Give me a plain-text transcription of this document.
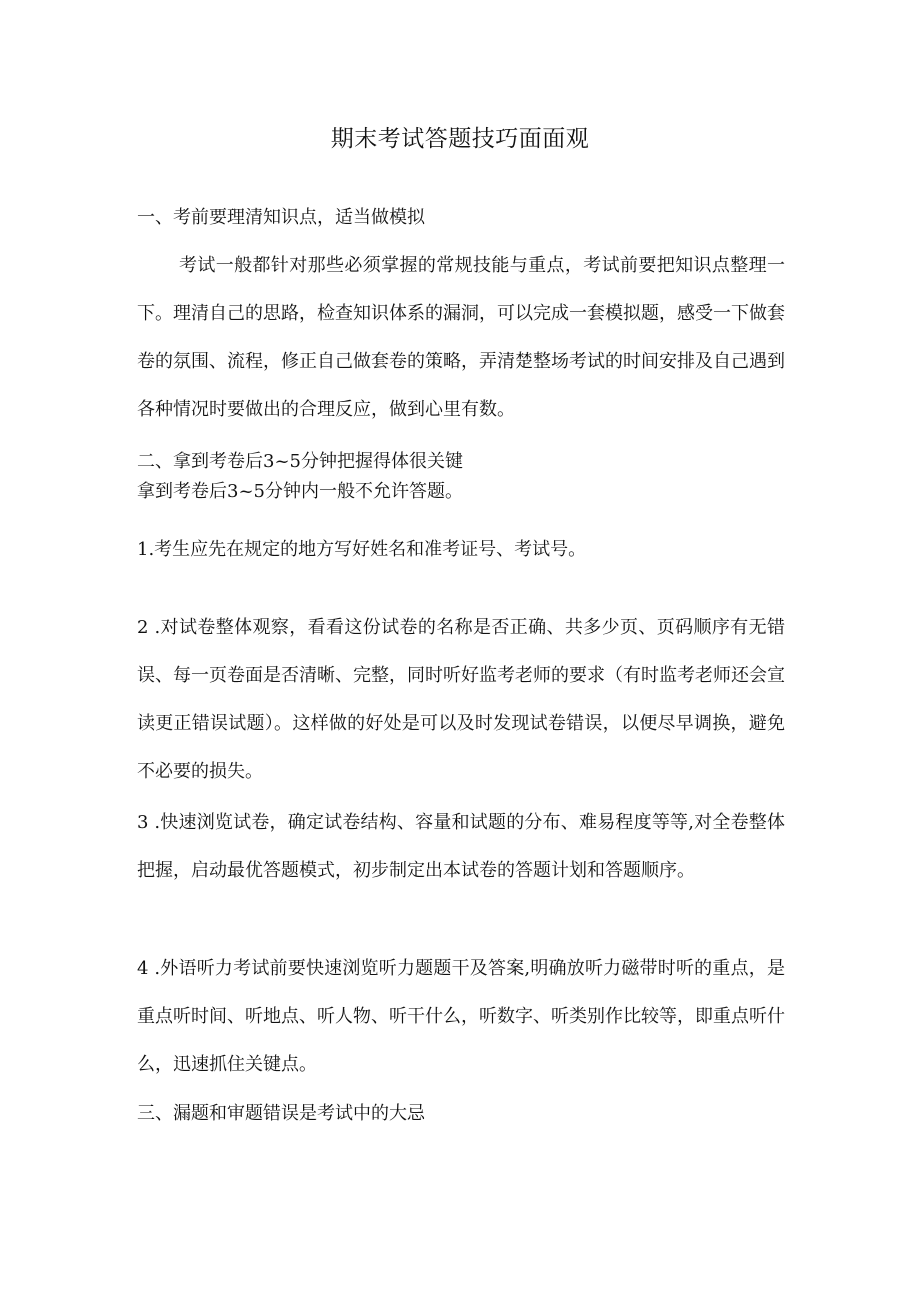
期末考试答题技巧面面观
一、考前要理清知识点，适当做模拟
考试一般都针对那些必须掌握的常规技能与重点，考试前要把知识点整理一下。理清自己的思路，检查知识体系的漏洞，可以完成一套模拟题，感受一下做套卷的氛围、流程，修正自己做套卷的策略，弄清楚整场考试的时间安排及自己遇到各种情况时要做出的合理反应，做到心里有数。
二、拿到考卷后3~5分钟把握得体很关键
拿到考卷后3~5分钟内一般不允许答题。
1.考生应先在规定的地方写好姓名和准考证号、考试号。
2 .对试卷整体观察，看看这份试卷的名称是否正确、共多少页、页码顺序有无错误、每一页卷面是否清晰、完整，同时听好监考老师的要求（有时监考老师还会宣读更正错误试题）。这样做的好处是可以及时发现试卷错误，以便尽早调换，避免不必要的损失。
3 .快速浏览试卷，确定试卷结构、容量和试题的分布、难易程度等等,对全卷整体把握，启动最优答题模式，初步制定出本试卷的答题计划和答题顺序。
4 .外语听力考试前要快速浏览听力题题干及答案,明确放听力磁带时听的重点，是重点听时间、听地点、听人物、听干什么，听数字、听类别作比较等，即重点听什么，迅速抓住关键点。
三、漏题和审题错误是考试中的大忌
